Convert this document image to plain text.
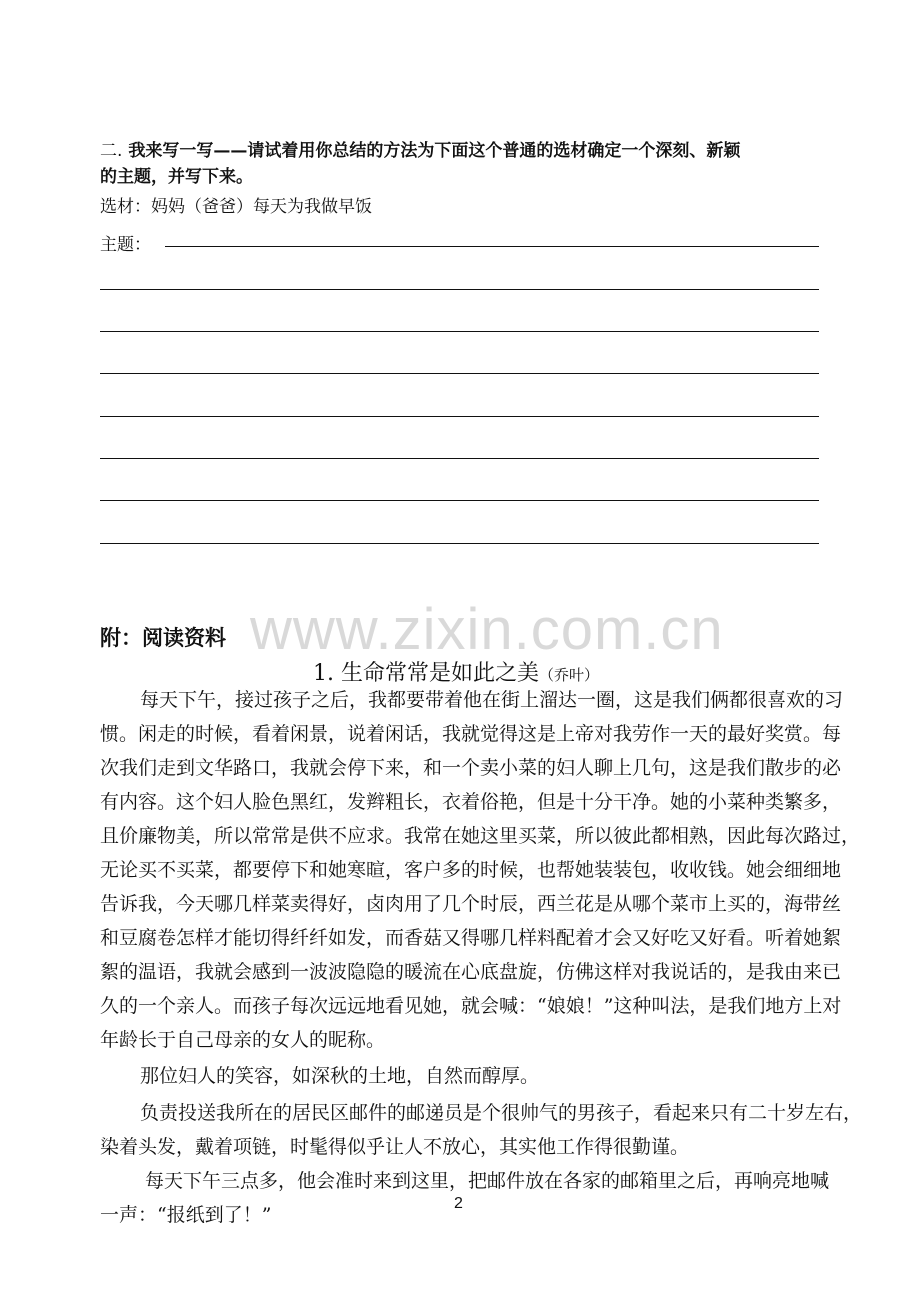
二. 我来写一写——请试着用你总结的方法为下面这个普通的选材确定一个深刻、新颖
的主题，并写下来。
选材：妈妈（爸爸）每天为我做早饭
主题：
www.zixin.com.cn
附：阅读资料
1. 生命常常是如此之美（乔叶）
每天下午，接过孩子之后，我都要带着他在街上溜达一圈，这是我们俩都很喜欢的习
惯。闲走的时候，看着闲景，说着闲话，我就觉得这是上帝对我劳作一天的最好奖赏。每
次我们走到文华路口，我就会停下来，和一个卖小菜的妇人聊上几句，这是我们散步的必
有内容。这个妇人脸色黑红，发辫粗长，衣着俗艳，但是十分干净。她的小菜种类繁多，
且价廉物美，所以常常是供不应求。我常在她这里买菜，所以彼此都相熟，因此每次路过，
无论买不买菜，都要停下和她寒暄，客户多的时候，也帮她装装包，收收钱。她会细细地
告诉我，今天哪几样菜卖得好，卤肉用了几个时辰，西兰花是从哪个菜市上买的，海带丝
和豆腐卷怎样才能切得纤纤如发，而香菇又得哪几样料配着才会又好吃又好看。听着她絮
絮的温语，我就会感到一波波隐隐的暖流在心底盘旋，仿佛这样对我说话的，是我由来已
久的一个亲人。而孩子每次远远地看见她，就会喊：“娘娘！”这种叫法，是我们地方上对
年龄长于自己母亲的女人的昵称。
那位妇人的笑容，如深秋的土地，自然而醇厚。
负责投送我所在的居民区邮件的邮递员是个很帅气的男孩子，看起来只有二十岁左右，
染着头发，戴着项链，时髦得似乎让人不放心，其实他工作得很勤谨。
每天下午三点多，他会准时来到这里，把邮件放在各家的邮箱里之后，再响亮地喊
一声：“报纸到了！”
2
